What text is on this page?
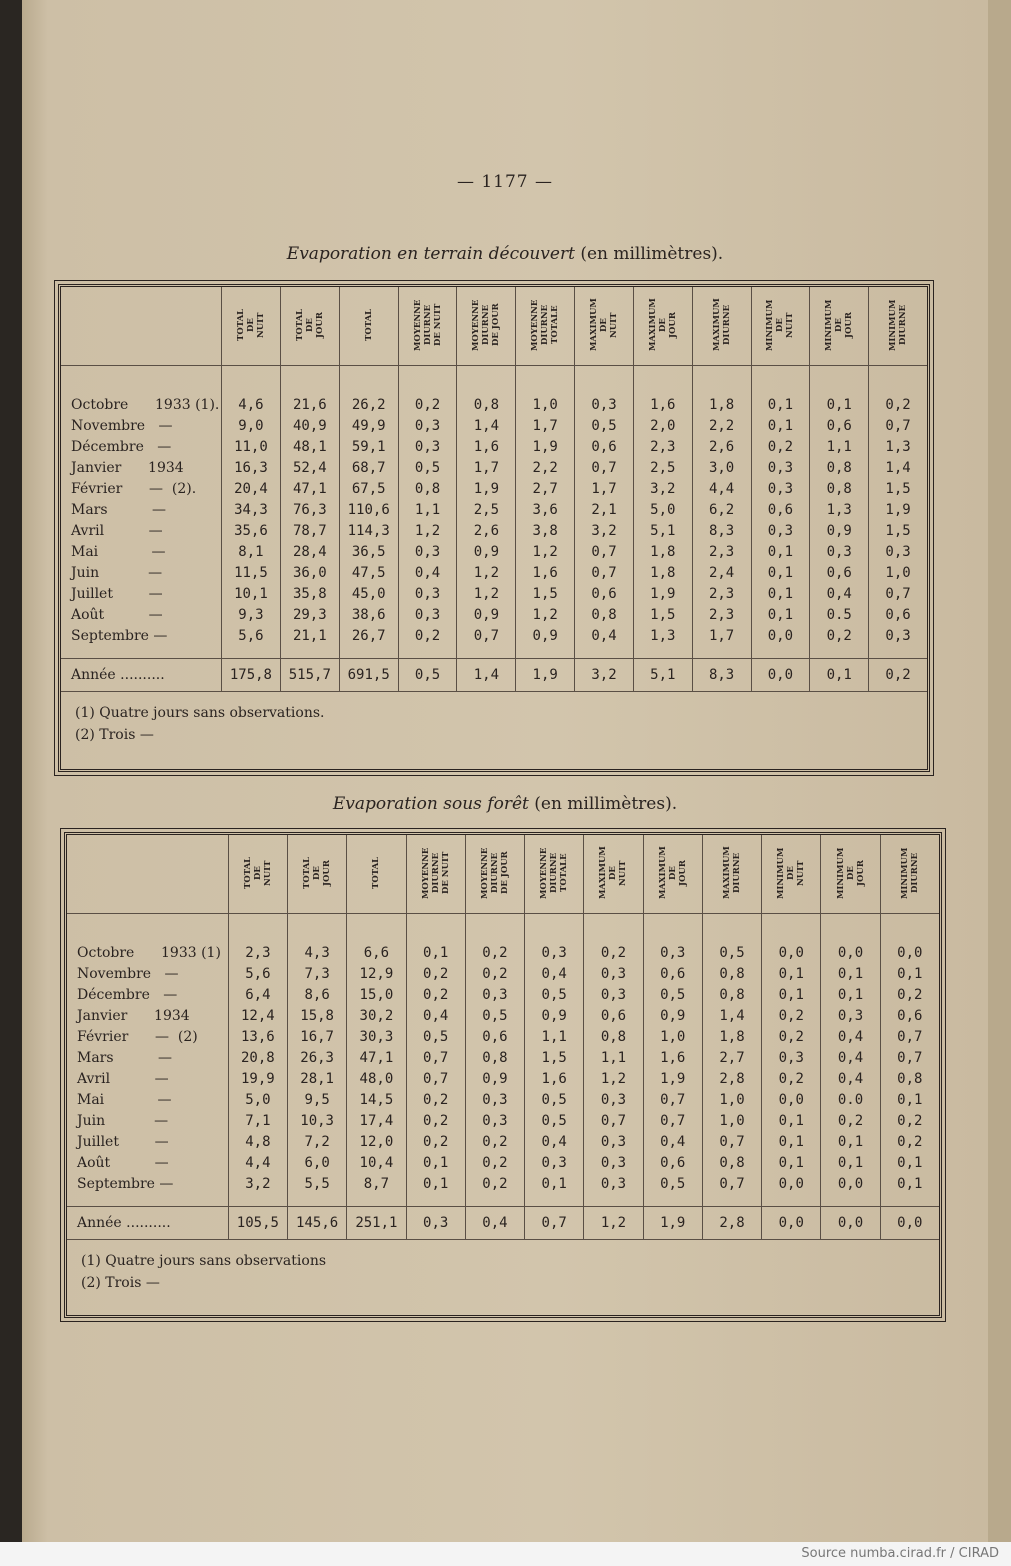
— 1177 —
Evaporation en terrain découvert (en millimètres).

	TOTAL
DE
NUIT	TOTAL
DE
JOUR	TOTAL	MOYENNE
DIURNE
DE NUIT	MOYENNE
DIURNE
DE JOUR	MOYENNE
DIURNE
TOTALE	MAXIMUM
DE
NUIT	MAXIMUM
DE
JOUR	MAXIMUM
DIURNE	MINIMUM
DE
NUIT	MINIMUM
DE
JOUR	MINIMUM
DIURNE

Octobre      1933 (1).	4,6	21,6	26,2	0,2	0,8	1,0	0,3	1,6	1,8	0,1	0,1	0,2
Novembre   —	9,0	40,9	49,9	0,3	1,4	1,7	0,5	2,0	2,2	0,1	0,6	0,7
Décembre   —	11,0	48,1	59,1	0,3	1,6	1,9	0,6	2,3	2,6	0,2	1,1	1,3
Janvier      1934	16,3	52,4	68,7	0,5	1,7	2,2	0,7	2,5	3,0	0,3	0,8	1,4
Février      —  (2).	20,4	47,1	67,5	0,8	1,9	2,7	1,7	3,2	4,4	0,3	0,8	1,5
Mars          —	34,3	76,3	110,6	1,1	2,5	3,6	2,1	5,0	6,2	0,6	1,3	1,9
Avril          —	35,6	78,7	114,3	1,2	2,6	3,8	3,2	5,1	8,3	0,3	0,9	1,5
Mai            —	8,1	28,4	36,5	0,3	0,9	1,2	0,7	1,8	2,3	0,1	0,3	0,3
Juin           —	11,5	36,0	47,5	0,4	1,2	1,6	0,7	1,8	2,4	0,1	0,6	1,0
Juillet        —	10,1	35,8	45,0	0,3	1,2	1,5	0,6	1,9	2,3	0,1	0,4	0,7
Août          —	9,3	29,3	38,6	0,3	0,9	1,2	0,8	1,5	2,3	0,1	0.5	0,6
Septembre —	5,6	21,1	26,7	0,2	0,7	0,9	0,4	1,3	1,7	0,0	0,2	0,3

Année ..........	175,8	515,7	691,5	0,5	1,4	1,9	3,2	5,1	8,3	0,0	0,1	0,2
(1) Quatre jours sans observations.
(2) Trois —
Evaporation sous forêt (en millimètres).

	TOTAL
DE
NUIT	TOTAL
DE
JOUR	TOTAL	MOYENNE
DIURNE
DE NUIT	MOYENNE
DIURNE
DE JOUR	MOYENNE
DIURNE
TOTALE	MAXIMUM
DE
NUIT	MAXIMUM
DE
JOUR	MAXIMUM
DIURNE	MINIMUM
DE
NUIT	MINIMUM
DE
JOUR	MINIMUM
DIURNE

Octobre      1933 (1)	2,3	4,3	6,6	0,1	0,2	0,3	0,2	0,3	0,5	0,0	0,0	0,0
Novembre   —	5,6	7,3	12,9	0,2	0,2	0,4	0,3	0,6	0,8	0,1	0,1	0,1
Décembre   —	6,4	8,6	15,0	0,2	0,3	0,5	0,3	0,5	0,8	0,1	0,1	0,2
Janvier      1934	12,4	15,8	30,2	0,4	0,5	0,9	0,6	0,9	1,4	0,2	0,3	0,6
Février      —  (2)	13,6	16,7	30,3	0,5	0,6	1,1	0,8	1,0	1,8	0,2	0,4	0,7
Mars          —	20,8	26,3	47,1	0,7	0,8	1,5	1,1	1,6	2,7	0,3	0,4	0,7
Avril          —	19,9	28,1	48,0	0,7	0,9	1,6	1,2	1,9	2,8	0,2	0,4	0,8
Mai            —	5,0	9,5	14,5	0,2	0,3	0,5	0,3	0,7	1,0	0,0	0.0	0,1
Juin           —	7,1	10,3	17,4	0,2	0,3	0,5	0,7	0,7	1,0	0,1	0,2	0,2
Juillet        —	4,8	7,2	12,0	0,2	0,2	0,4	0,3	0,4	0,7	0,1	0,1	0,2
Août          —	4,4	6,0	10,4	0,1	0,2	0,3	0,3	0,6	0,8	0,1	0,1	0,1
Septembre —	3,2	5,5	8,7	0,1	0,2	0,1	0,3	0,5	0,7	0,0	0,0	0,1

Année ..........	105,5	145,6	251,1	0,3	0,4	0,7	1,2	1,9	2,8	0,0	0,0	0,0
(1) Quatre jours sans observations
(2) Trois —
Source numba.cirad.fr / CIRAD
